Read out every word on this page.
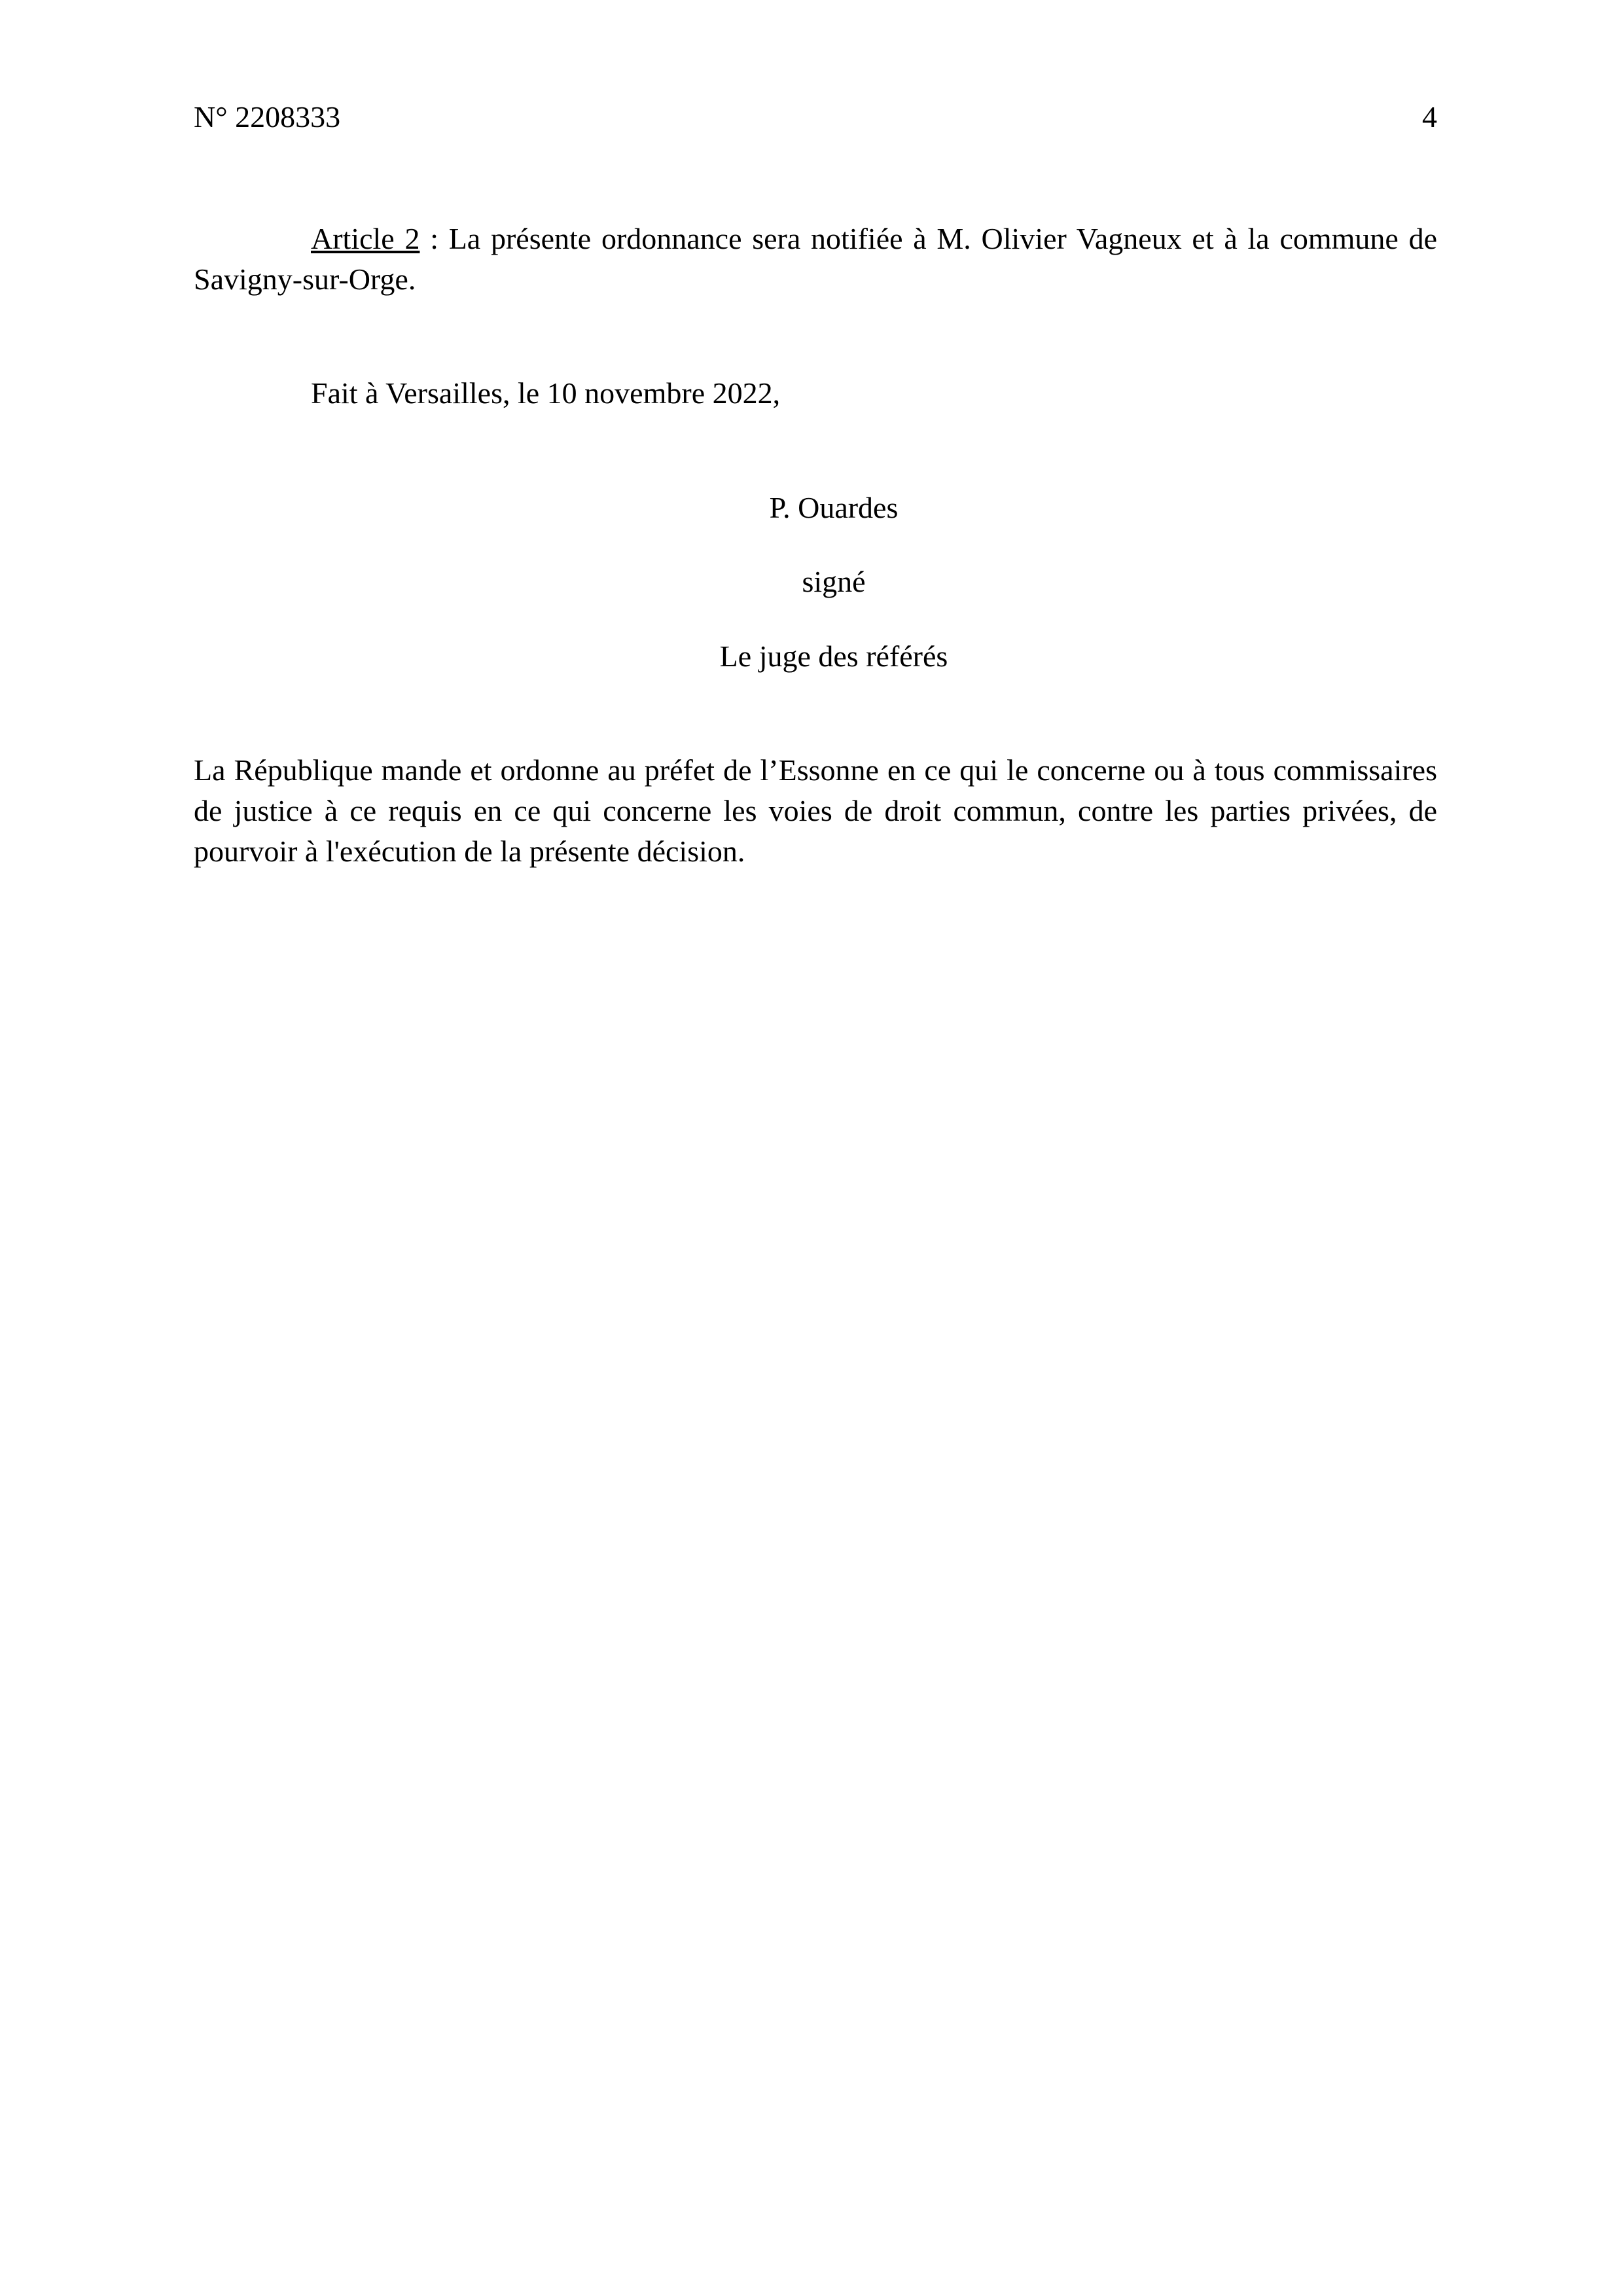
N° 2208333	4

Article 2 : La présente ordonnance sera notifiée à M. Olivier Vagneux et à la commune de Savigny-sur-Orge.

Fait à Versailles, le 10 novembre 2022,

P. Ouardes
signé
Le juge des référés

La République mande et ordonne au préfet de l’Essonne en ce qui le concerne ou à tous commissaires de justice à ce requis en ce qui concerne les voies de droit commun, contre les parties privées, de pourvoir à l'exécution de la présente décision.
